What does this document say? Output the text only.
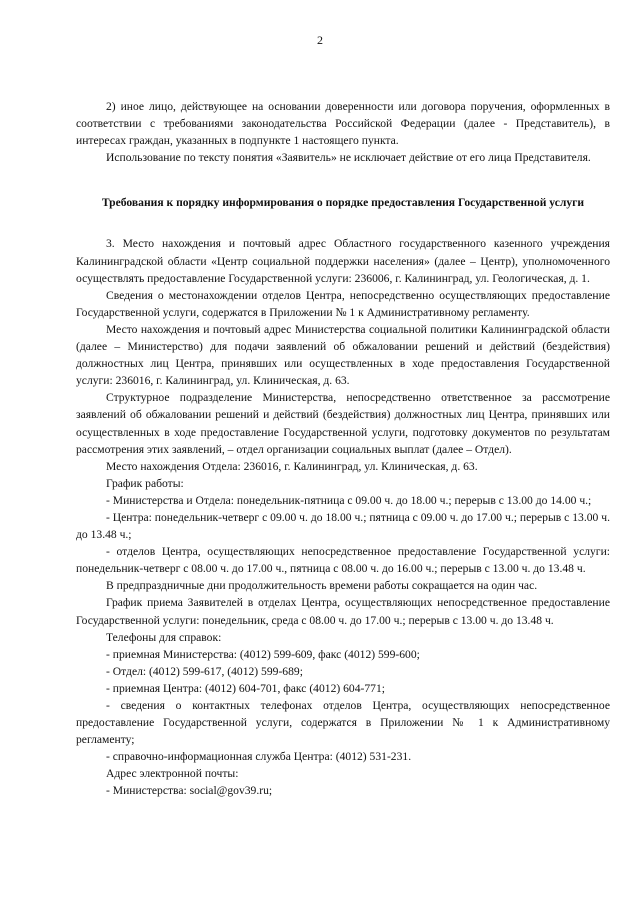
2

2) иное лицо, действующее на основании доверенности или договора поручения, оформленных в соответствии с требованиями законодательства Российской Федерации (далее - Представитель), в интересах граждан, указанных в подпункте 1 настоящего пункта.

Использование по тексту понятия «Заявитель» не исключает действие от его лица Представителя.

Требования к порядку информирования о порядке предоставления Государственной услуги

3. Место нахождения и почтовый адрес Областного государственного казенного учреждения Калининградской области «Центр социальной поддержки населения» (далее – Центр), уполномоченного осуществлять предоставление Государственной услуги: 236006, г. Калининград, ул. Геологическая, д. 1.

Сведения о местонахождении отделов Центра, непосредственно осуществляющих предоставление Государственной услуги, содержатся в Приложении № 1 к Административному регламенту.

Место нахождения и почтовый адрес Министерства социальной политики Калининградской области (далее – Министерство) для подачи заявлений об обжаловании решений и действий (бездействия) должностных лиц Центра, принявших или осуществленных в ходе предоставления Государственной услуги: 236016, г. Калининград, ул. Клиническая, д. 63.

Структурное подразделение Министерства, непосредственно ответственное за рассмотрение заявлений об обжаловании решений и действий (бездействия) должностных лиц Центра, принявших или осуществленных в ходе предоставление Государственной услуги, подготовку документов по результатам рассмотрения этих заявлений, – отдел организации социальных выплат (далее – Отдел).

Место нахождения Отдела: 236016, г. Калининград, ул. Клиническая, д. 63.

График работы:

- Министерства и Отдела: понедельник-пятница с 09.00 ч. до 18.00 ч.; перерыв с 13.00 до 14.00 ч.;

- Центра: понедельник-четверг с 09.00 ч. до 18.00 ч.; пятница с 09.00 ч. до 17.00 ч.; перерыв с 13.00 ч. до 13.48 ч.;

- отделов Центра, осуществляющих непосредственное предоставление Государственной услуги: понедельник-четверг с 08.00 ч. до 17.00 ч., пятница с 08.00 ч. до 16.00 ч.; перерыв с 13.00 ч. до 13.48 ч.

В предпраздничные дни продолжительность времени работы сокращается на один час.

График приема Заявителей в отделах Центра, осуществляющих непосредственное предоставление Государственной услуги: понедельник, среда с 08.00 ч. до 17.00 ч.; перерыв с 13.00 ч. до 13.48 ч.

Телефоны для справок:

- приемная Министерства: (4012) 599-609, факс (4012) 599-600;

- Отдел: (4012) 599-617, (4012) 599-689;

- приемная Центра: (4012) 604-701, факс (4012) 604-771;

- сведения о контактных телефонах отделов Центра, осуществляющих непосредственное предоставление Государственной услуги, содержатся в Приложении № 1 к Административному регламенту;

- справочно-информационная служба Центра: (4012) 531-231.

Адрес электронной почты:

- Министерства: social@gov39.ru;
